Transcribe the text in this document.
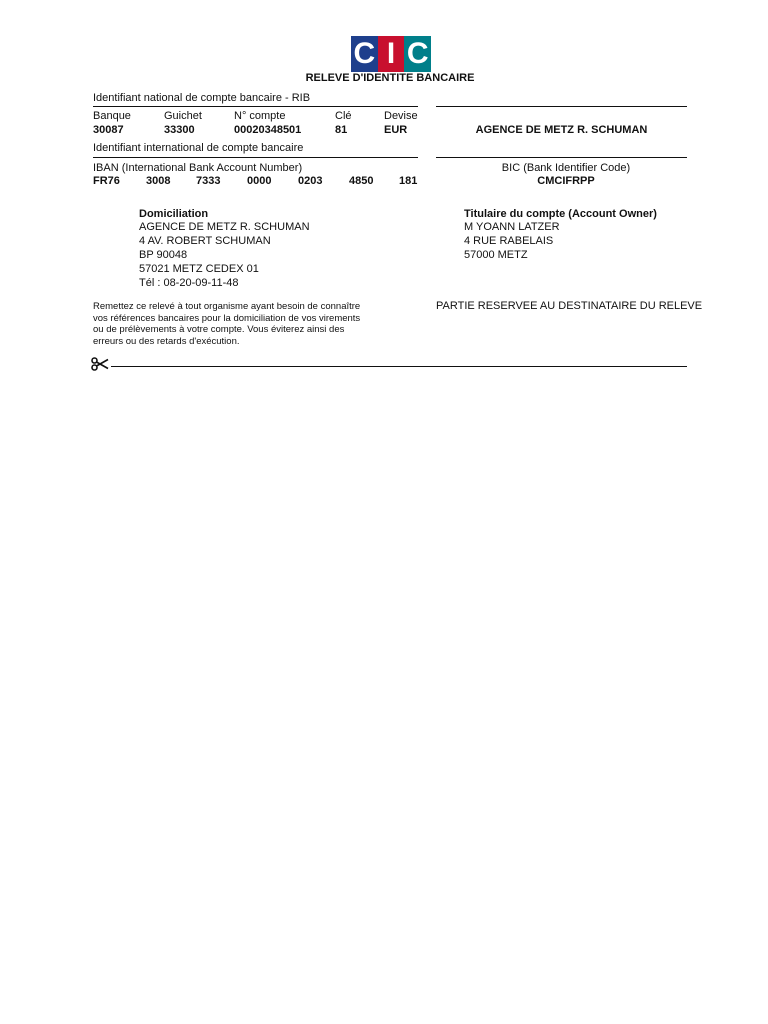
C I C
RELEVE D'IDENTITE BANCAIRE
Identifiant national de compte bancaire - RIB
Banque	Guichet	N° compte	Clé	Devise
30087	33300	00020348501	81	EUR	AGENCE DE METZ R. SCHUMAN
Identifiant international de compte bancaire
IBAN (International Bank Account Number)
FR76 3008 7333 0000 0203 4850 181
BIC (Bank Identifier Code)
CMCIFRPP
Domiciliation
AGENCE DE METZ R. SCHUMAN
4 AV. ROBERT SCHUMAN
BP 90048
57021 METZ CEDEX 01
Tél : 08-20-09-11-48
Titulaire du compte (Account Owner)
M YOANN LATZER
4 RUE RABELAIS
57000 METZ
Remettez ce relevé à tout organisme ayant besoin de connaître
vos références bancaires pour la domiciliation de vos virements
ou de prélèvements à votre compte. Vous éviterez ainsi des
erreurs ou des retards d'exécution.
PARTIE RESERVEE AU DESTINATAIRE DU RELEVE
